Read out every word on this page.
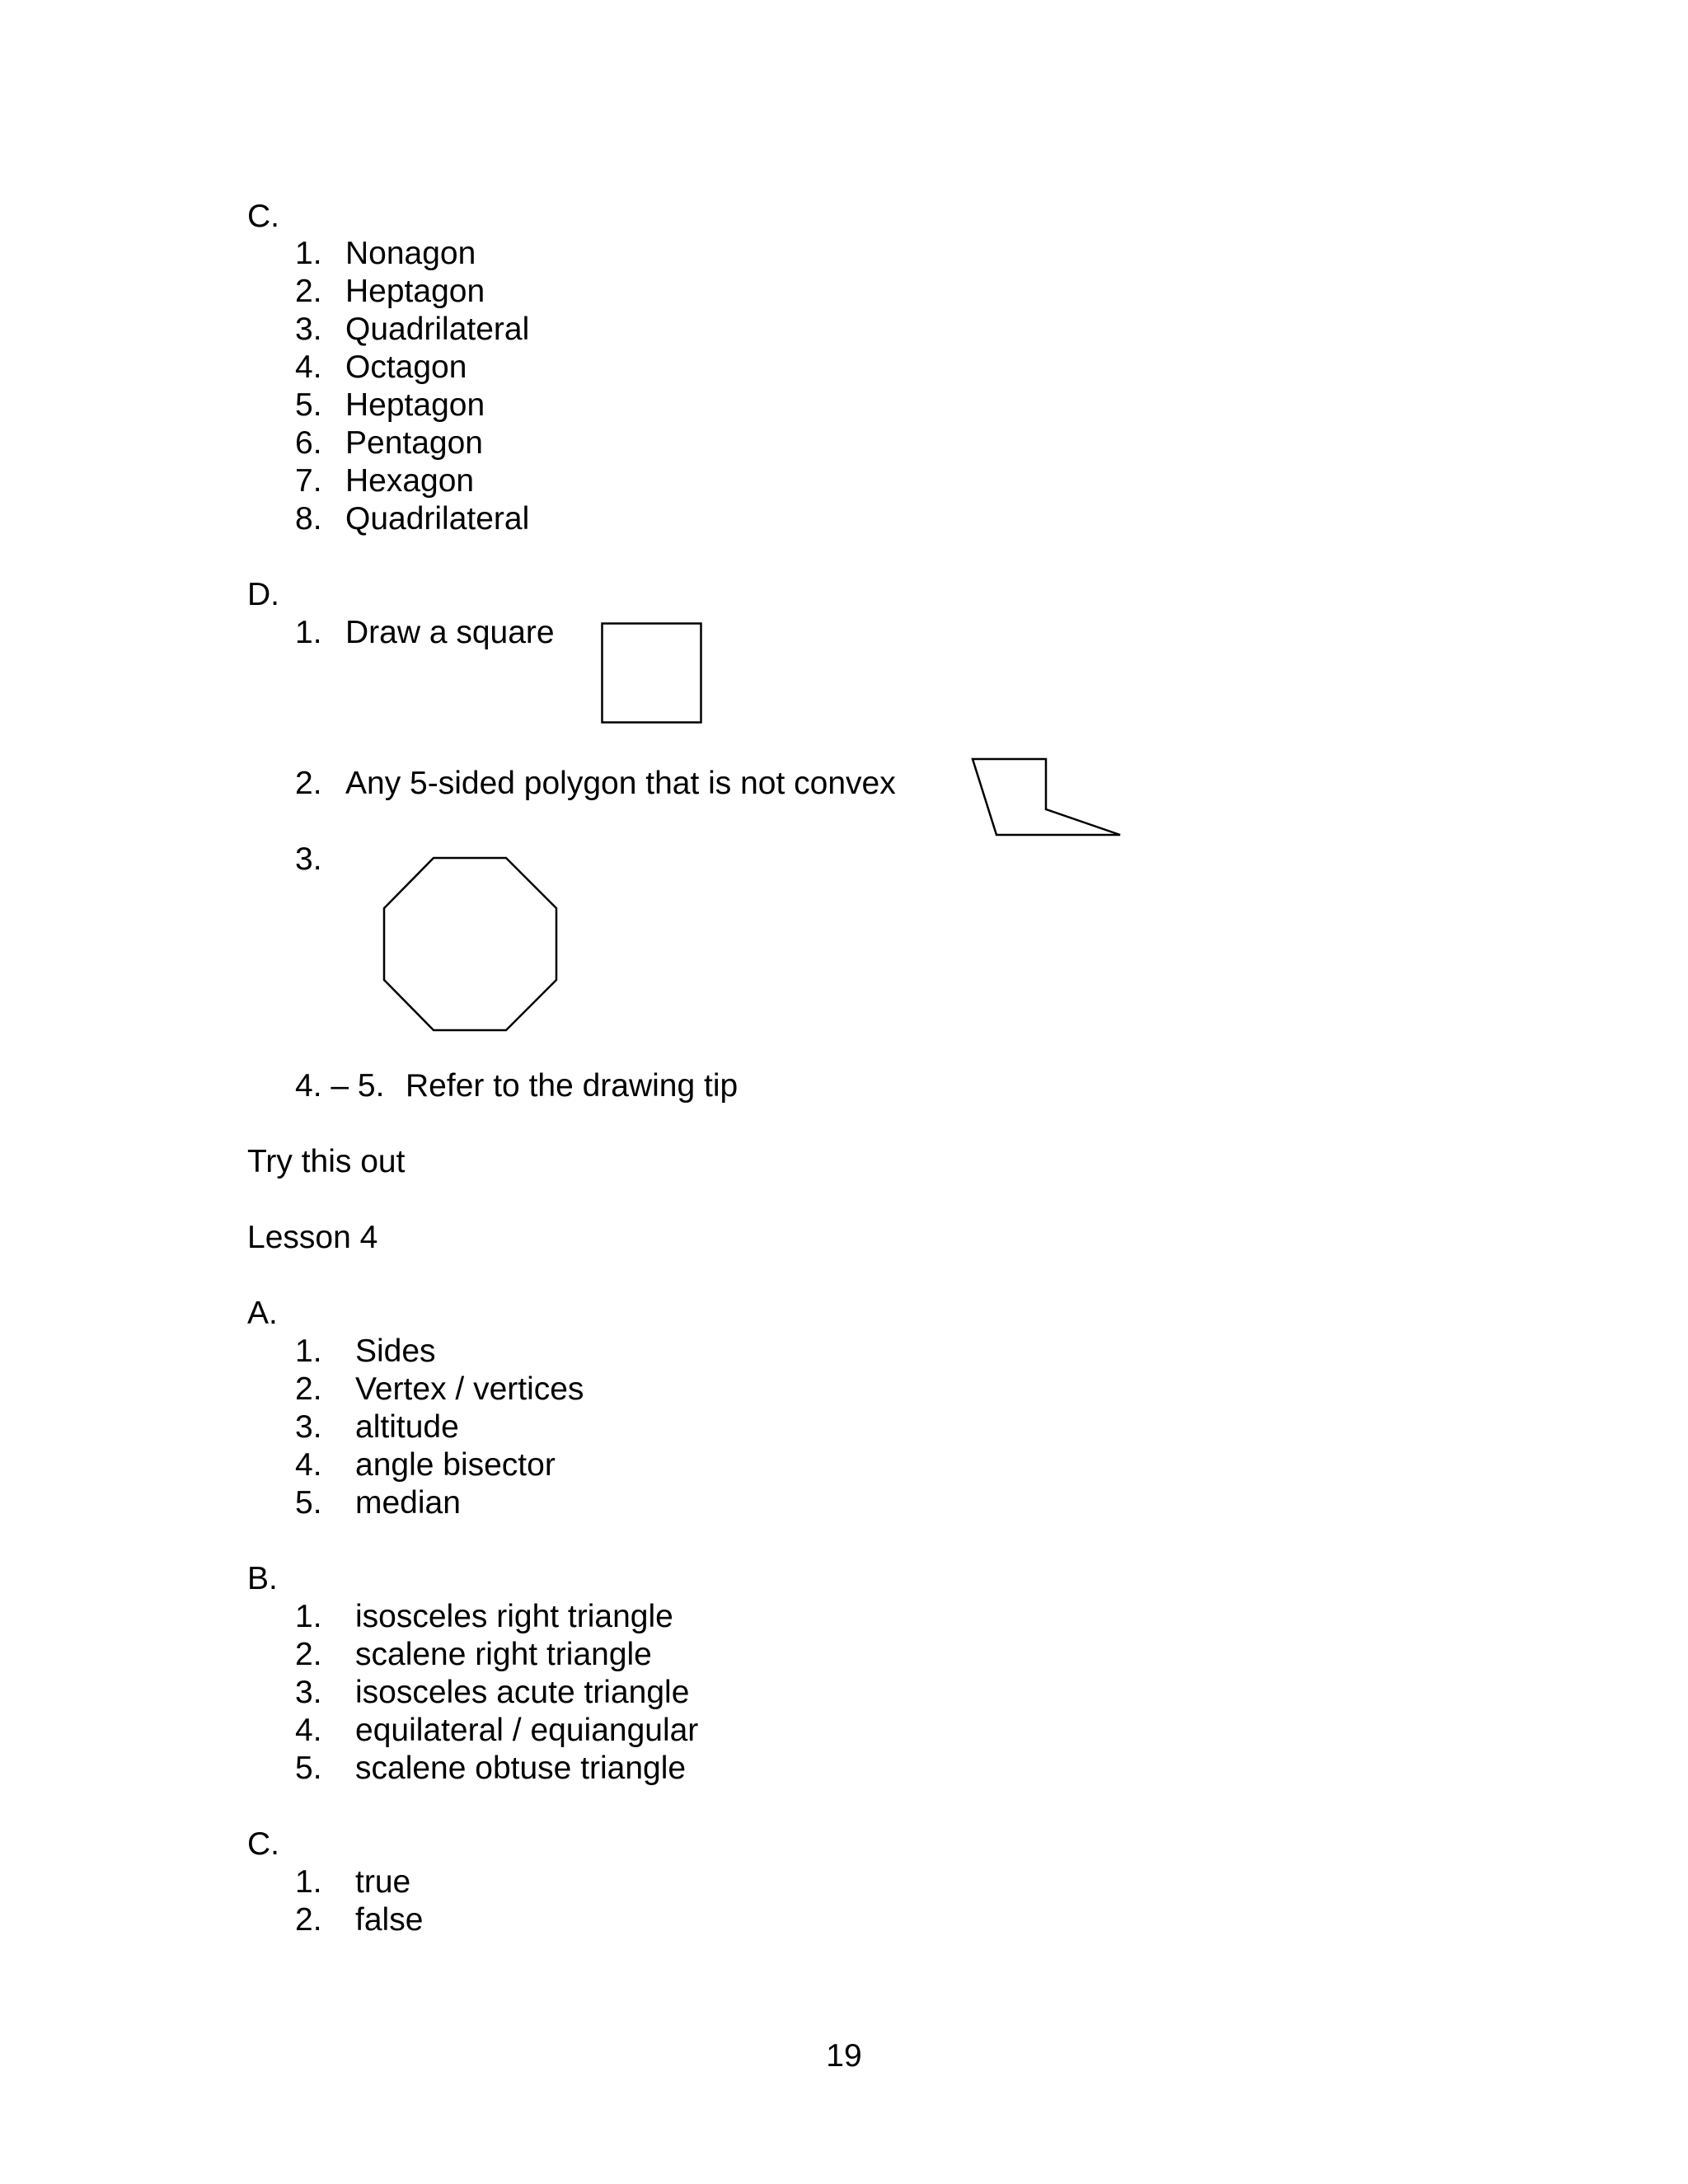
C.
1. Nonagon
2. Heptagon
3. Quadrilateral
4. Octagon
5. Heptagon
6. Pentagon
7. Hexagon
8. Quadrilateral
D.
1. Draw a square
2. Any 5-sided polygon that is not convex
3.
4. – 5. Refer to the drawing tip
Try this out
Lesson 4
A.
1. Sides
2. Vertex / vertices
3. altitude
4. angle bisector
5. median
B.
1. isosceles right triangle
2. scalene right triangle
3. isosceles acute triangle
4. equilateral / equiangular
5. scalene obtuse triangle
C.
1. true
2. false
19
